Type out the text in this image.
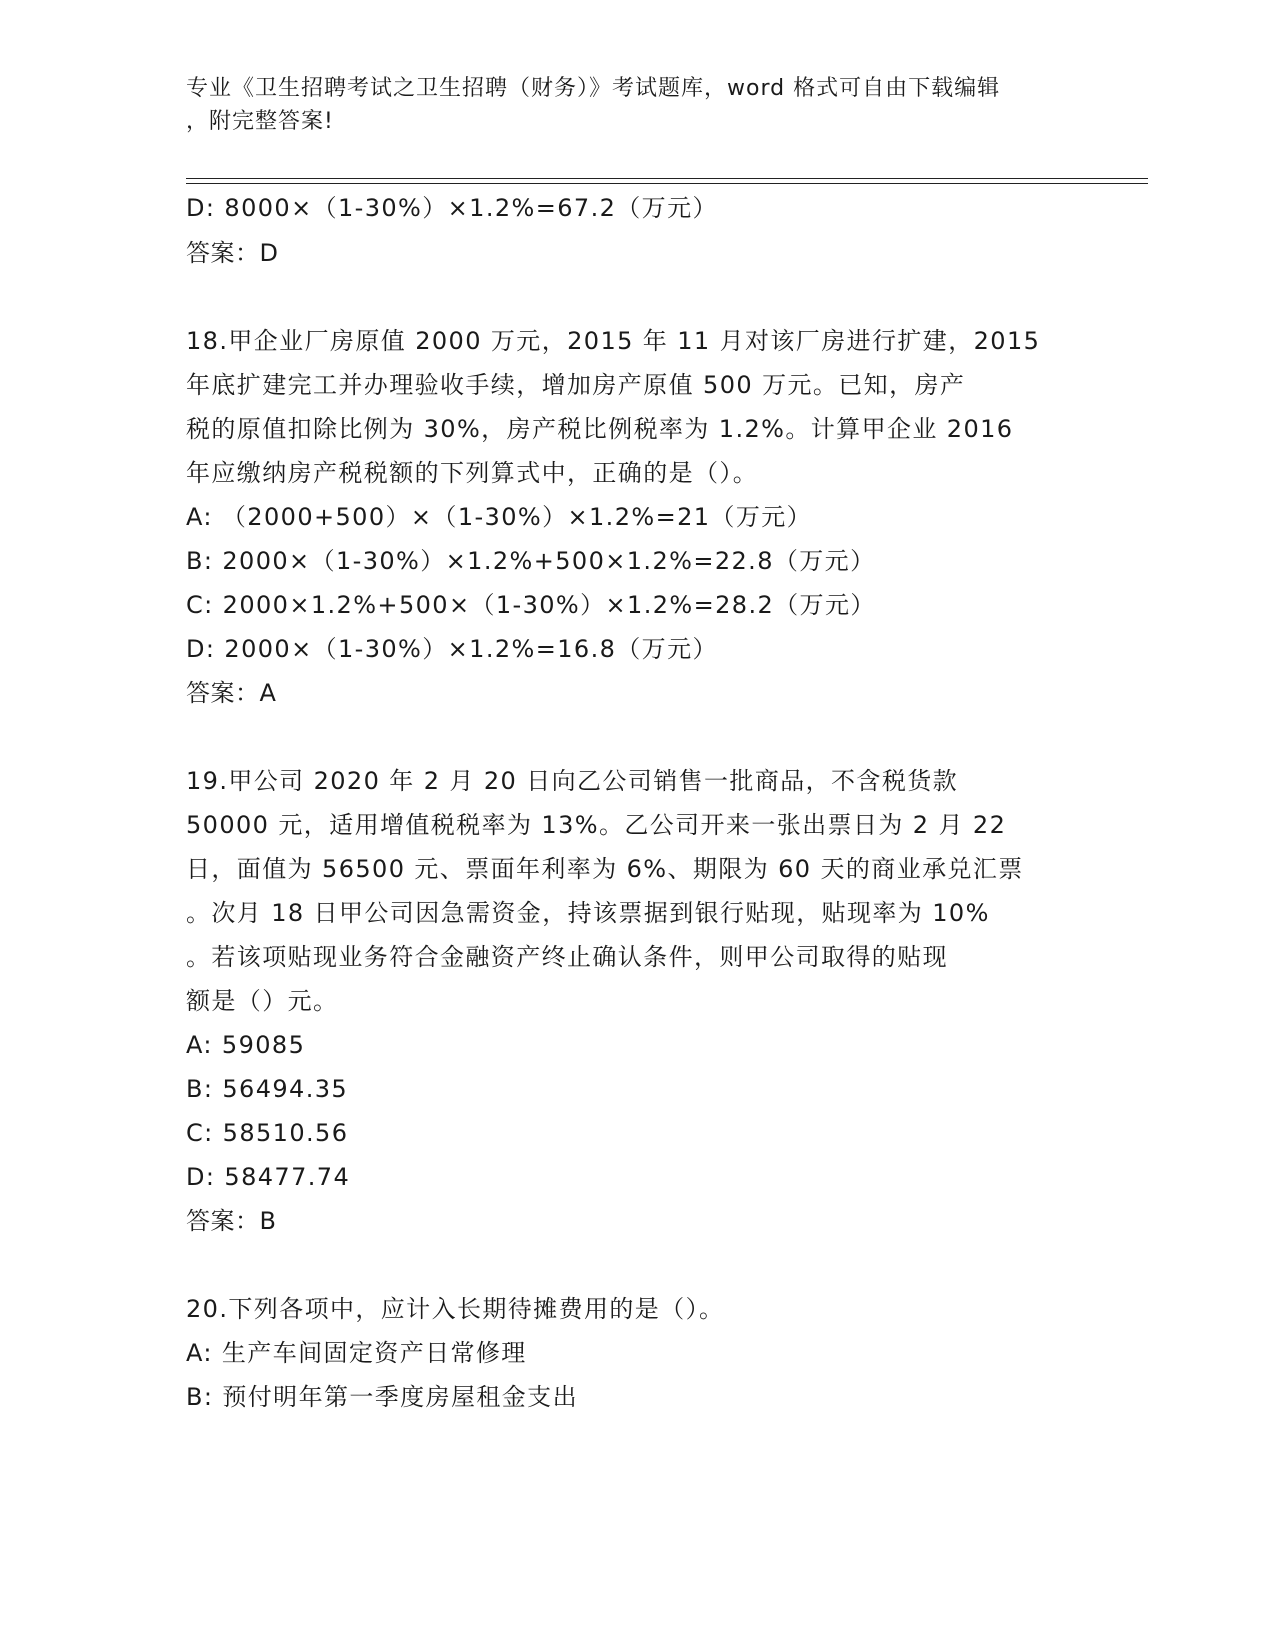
专业《卫生招聘考试之卫生招聘（财务）》考试题库，word 格式可自由下载编辑
，附完整答案!
D: 8000×（1-30%）×1.2%=67.2（万元）
答案：D
18.甲企业厂房原值 2000 万元，2015 年 11 月对该厂房进行扩建，2015
年底扩建完工并办理验收手续，增加房产原值 500 万元。已知，房产
税的原值扣除比例为 30%，房产税比例税率为 1.2%。计算甲企业 2016
年应缴纳房产税税额的下列算式中，正确的是（）。
A: （2000+500）×（1-30%）×1.2%=21（万元）
B: 2000×（1-30%）×1.2%+500×1.2%=22.8（万元）
C: 2000×1.2%+500×（1-30%）×1.2%=28.2（万元）
D: 2000×（1-30%）×1.2%=16.8（万元）
答案：A
19.甲公司 2020 年 2 月 20 日向乙公司销售一批商品，不含税货款
50000 元，适用增值税税率为 13%。乙公司开来一张出票日为 2 月 22
日，面值为 56500 元、票面年利率为 6%、期限为 60 天的商业承兑汇票
。次月 18 日甲公司因急需资金，持该票据到银行贴现，贴现率为 10%
。若该项贴现业务符合金融资产终止确认条件，则甲公司取得的贴现
额是（）元。
A: 59085
B: 56494.35
C: 58510.56
D: 58477.74
答案：B
20.下列各项中，应计入长期待摊费用的是（）。
A: 生产车间固定资产日常修理
B: 预付明年第一季度房屋租金支出
